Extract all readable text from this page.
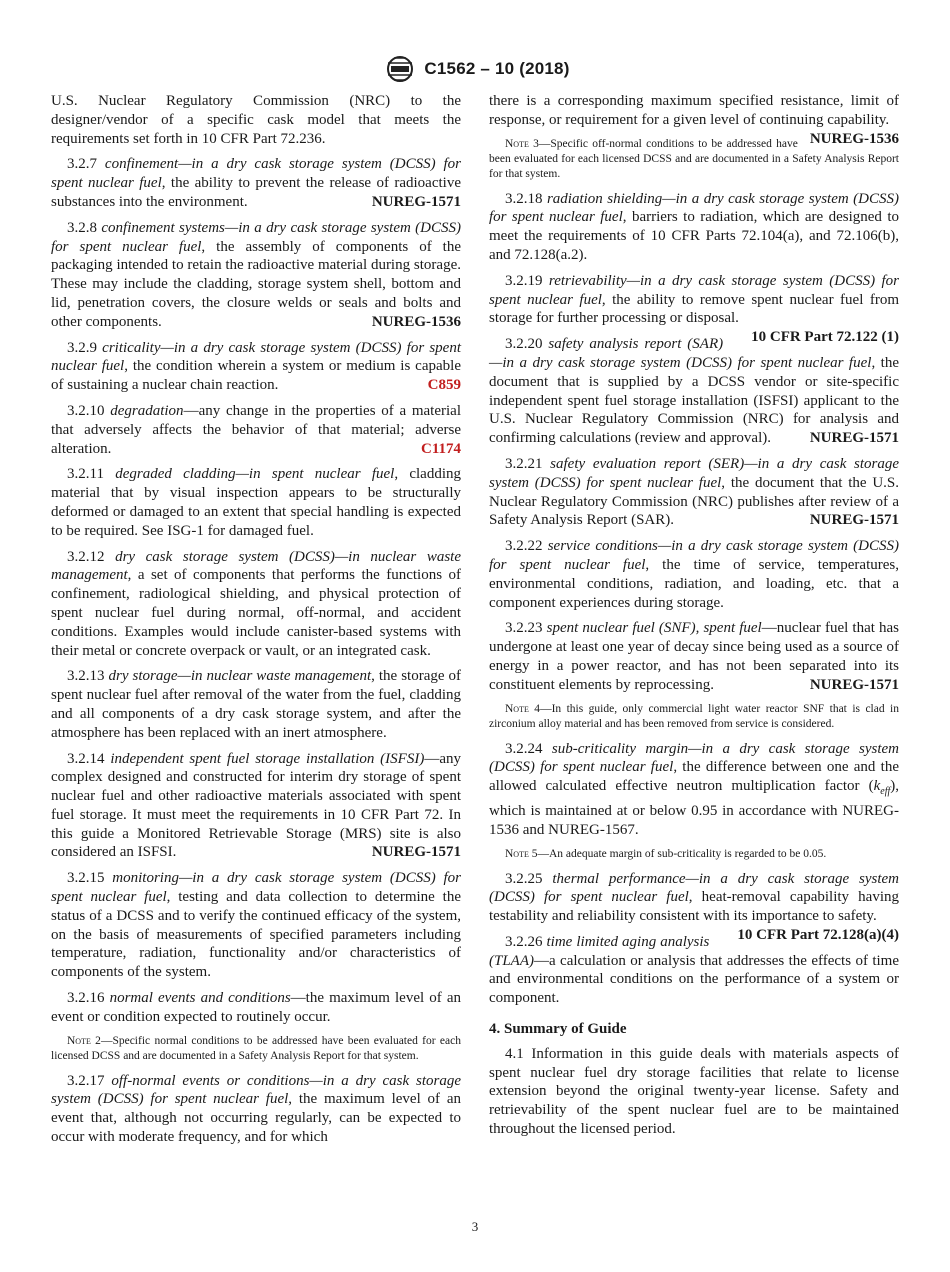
C1562 – 10 (2018)

U.S. Nuclear Regulatory Commission (NRC) to the designer/vendor of a specific cask model that meets the requirements set forth in 10 CFR Part 72.236.

3.2.7 confinement—in a dry cask storage system (DCSS) for spent nuclear fuel, the ability to prevent the release of radioactive substances into the environment.	NUREG-1571

3.2.8 confinement systems—in a dry cask storage system (DCSS) for spent nuclear fuel, the assembly of components of the packaging intended to retain the radioactive material during storage. These may include the cladding, storage system shell, bottom and lid, penetration covers, the closure welds or seals and bolts and other components.	NUREG-1536

3.2.9 criticality—in a dry cask storage system (DCSS) for spent nuclear fuel, the condition wherein a system or medium is capable of sustaining a nuclear chain reaction.	C859

3.2.10 degradation—any change in the properties of a material that adversely affects the behavior of that material; adverse alteration.	C1174

3.2.11 degraded cladding—in spent nuclear fuel, cladding material that by visual inspection appears to be structurally deformed or damaged to an extent that special handling is expected to be required. See ISG-1 for damaged fuel.

3.2.12 dry cask storage system (DCSS)—in nuclear waste management, a set of components that performs the functions of confinement, radiological shielding, and physical protection of spent nuclear fuel during normal, off-normal, and accident conditions. Examples would include canister-based systems with their metal or concrete overpack or vault, or an integrated cask.

3.2.13 dry storage—in nuclear waste management, the storage of spent nuclear fuel after removal of the water from the fuel, cladding and all components of a dry cask storage system, and after the atmosphere has been replaced with an inert atmosphere.

3.2.14 independent spent fuel storage installation (ISFSI)—any complex designed and constructed for interim dry storage of spent nuclear fuel and other radioactive materials associated with spent fuel storage. It must meet the requirements in 10 CFR Part 72. In this guide a Monitored Retrievable Storage (MRS) site is also considered an ISFSI.	NUREG-1571

3.2.15 monitoring—in a dry cask storage system (DCSS) for spent nuclear fuel, testing and data collection to determine the status of a DCSS and to verify the continued efficacy of the system, on the basis of measurements of specified parameters including temperature, radiation, functionality and/or characteristics of components of the system.

3.2.16 normal events and conditions—the maximum level of an event or condition expected to routinely occur.

Note 2—Specific normal conditions to be addressed have been evaluated for each licensed DCSS and are documented in a Safety Analysis Report for that system.

3.2.17 off-normal events or conditions—in a dry cask storage system (DCSS) for spent nuclear fuel, the maximum level of an event that, although not occurring regularly, can be expected to occur with moderate frequency, and for which

there is a corresponding maximum specified resistance, limit of response, or requirement for a given level of continuing capability.
NUREG-1536

Note 3—Specific off-normal conditions to be addressed have been evaluated for each licensed DCSS and are documented in a Safety Analysis Report for that system.

3.2.18 radiation shielding—in a dry cask storage system (DCSS) for spent nuclear fuel, barriers to radiation, which are designed to meet the requirements of 10 CFR Parts 72.104(a), and 72.106(b), and 72.128(a.2).

3.2.19 retrievability—in a dry cask storage system (DCSS) for spent nuclear fuel, the ability to remove spent nuclear fuel from storage for further processing or disposal.
10 CFR Part 72.122 (1)

3.2.20 safety analysis report (SAR)—in a dry cask storage system (DCSS) for spent nuclear fuel, the document that is supplied by a DCSS vendor or site-specific independent spent fuel storage installation (ISFSI) applicant to the U.S. Nuclear Regulatory Commission (NRC) for analysis and confirming calculations (review and approval).	NUREG-1571

3.2.21 safety evaluation report (SER)—in a dry cask storage system (DCSS) for spent nuclear fuel, the document that the U.S. Nuclear Regulatory Commission (NRC) publishes after review of a Safety Analysis Report (SAR).	NUREG-1571

3.2.22 service conditions—in a dry cask storage system (DCSS) for spent nuclear fuel, the time of service, temperatures, environmental conditions, radiation, and loading, etc. that a component experiences during storage.

3.2.23 spent nuclear fuel (SNF), spent fuel—nuclear fuel that has undergone at least one year of decay since being used as a source of energy in a power reactor, and has not been separated into its constituent elements by reprocessing.	NUREG-1571

Note 4—In this guide, only commercial light water reactor SNF that is clad in zirconium alloy material and has been removed from service is considered.

3.2.24 sub-criticality margin—in a dry cask storage system (DCSS) for spent nuclear fuel, the difference between one and the allowed calculated effective neutron multiplication factor $(k_{eff})$, which is maintained at or below 0.95 in accordance with NUREG-1536 and NUREG-1567.

Note 5—An adequate margin of sub-criticality is regarded to be 0.05.

3.2.25 thermal performance—in a dry cask storage system (DCSS) for spent nuclear fuel, heat-removal capability having testability and reliability consistent with its importance to safety.
10 CFR Part 72.128(a)(4)

3.2.26 time limited aging analysis (TLAA)—a calculation or analysis that addresses the effects of time and environmental conditions on the performance of a system or component.

4. Summary of Guide

4.1 Information in this guide deals with materials aspects of spent nuclear fuel dry storage facilities that relate to license extension beyond the original twenty-year license. Safety and retrievability of the spent nuclear fuel are to be maintained throughout the licensed period.

3
